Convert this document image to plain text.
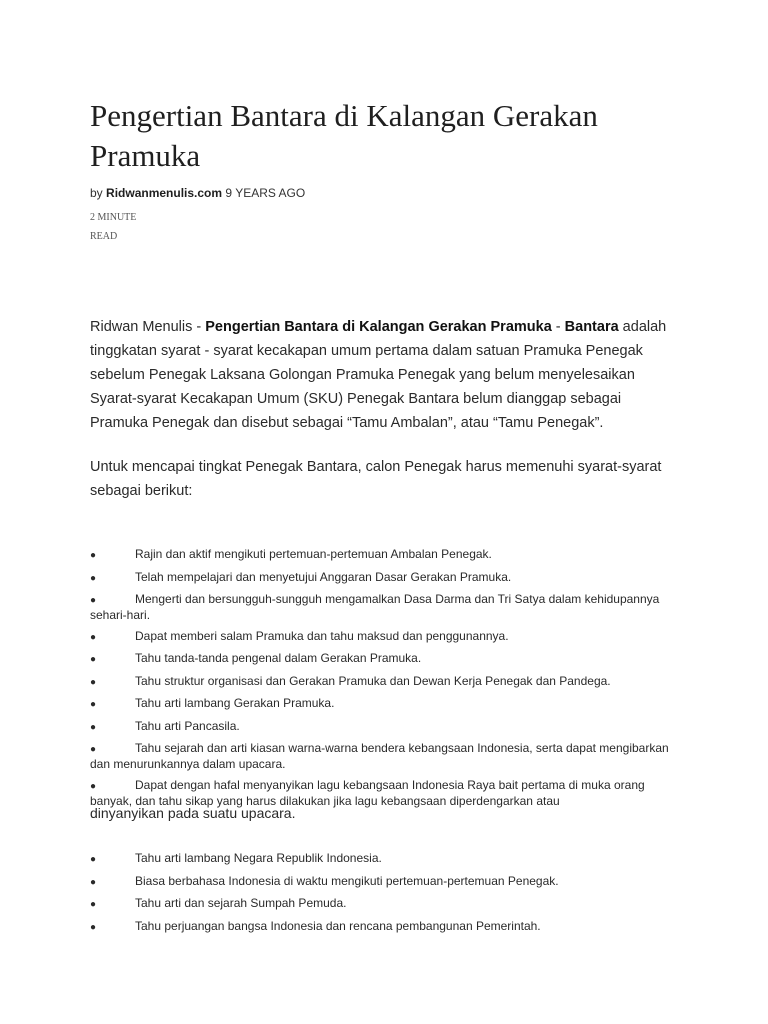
Pengertian Bantara di Kalangan Gerakan Pramuka
by Ridwanmenulis.com 9 YEARS AGO
2 MINUTE
READ

Ridwan Menulis - Pengertian Bantara di Kalangan Gerakan Pramuka - Bantara adalah tinggkatan syarat - syarat kecakapan umum pertama dalam satuan Pramuka Penegak sebelum Penegak Laksana Golongan Pramuka Penegak yang belum menyelesaikan Syarat-syarat Kecakapan Umum (SKU) Penegak Bantara belum dianggap sebagai Pramuka Penegak dan disebut sebagai “Tamu Ambalan”, atau “Tamu Penegak”.

Untuk mencapai tingkat Penegak Bantara, calon Penegak harus memenuhi syarat-syarat sebagai berikut:

●	Rajin dan aktif mengikuti pertemuan-pertemuan Ambalan Penegak.
●	Telah mempelajari dan menyetujui Anggaran Dasar Gerakan Pramuka.
●	Mengerti dan bersungguh-sungguh mengamalkan Dasa Darma dan Tri Satya dalam kehidupannya sehari-hari.
●	Dapat memberi salam Pramuka dan tahu maksud dan penggunannya.
●	Tahu tanda-tanda pengenal dalam Gerakan Pramuka.
●	Tahu struktur organisasi dan Gerakan Pramuka dan Dewan Kerja Penegak dan Pandega.
●	Tahu arti lambang Gerakan Pramuka.
●	Tahu arti Pancasila.
●	Tahu sejarah dan arti kiasan warna-warna bendera kebangsaan Indonesia, serta dapat mengibarkan dan menurunkannya dalam upacara.
●	Dapat dengan hafal menyanyikan lagu kebangsaan Indonesia Raya bait pertama di muka orang banyak, dan tahu sikap yang harus dilakukan jika lagu kebangsaan diperdengarkan atau

dinyanyikan pada suatu upacara.

●	Tahu arti lambang Negara Republik Indonesia.
●	Biasa berbahasa Indonesia di waktu mengikuti pertemuan-pertemuan Penegak.
●	Tahu arti dan sejarah Sumpah Pemuda.
●	Tahu perjuangan bangsa Indonesia dan rencana pembangunan Pemerintah.
